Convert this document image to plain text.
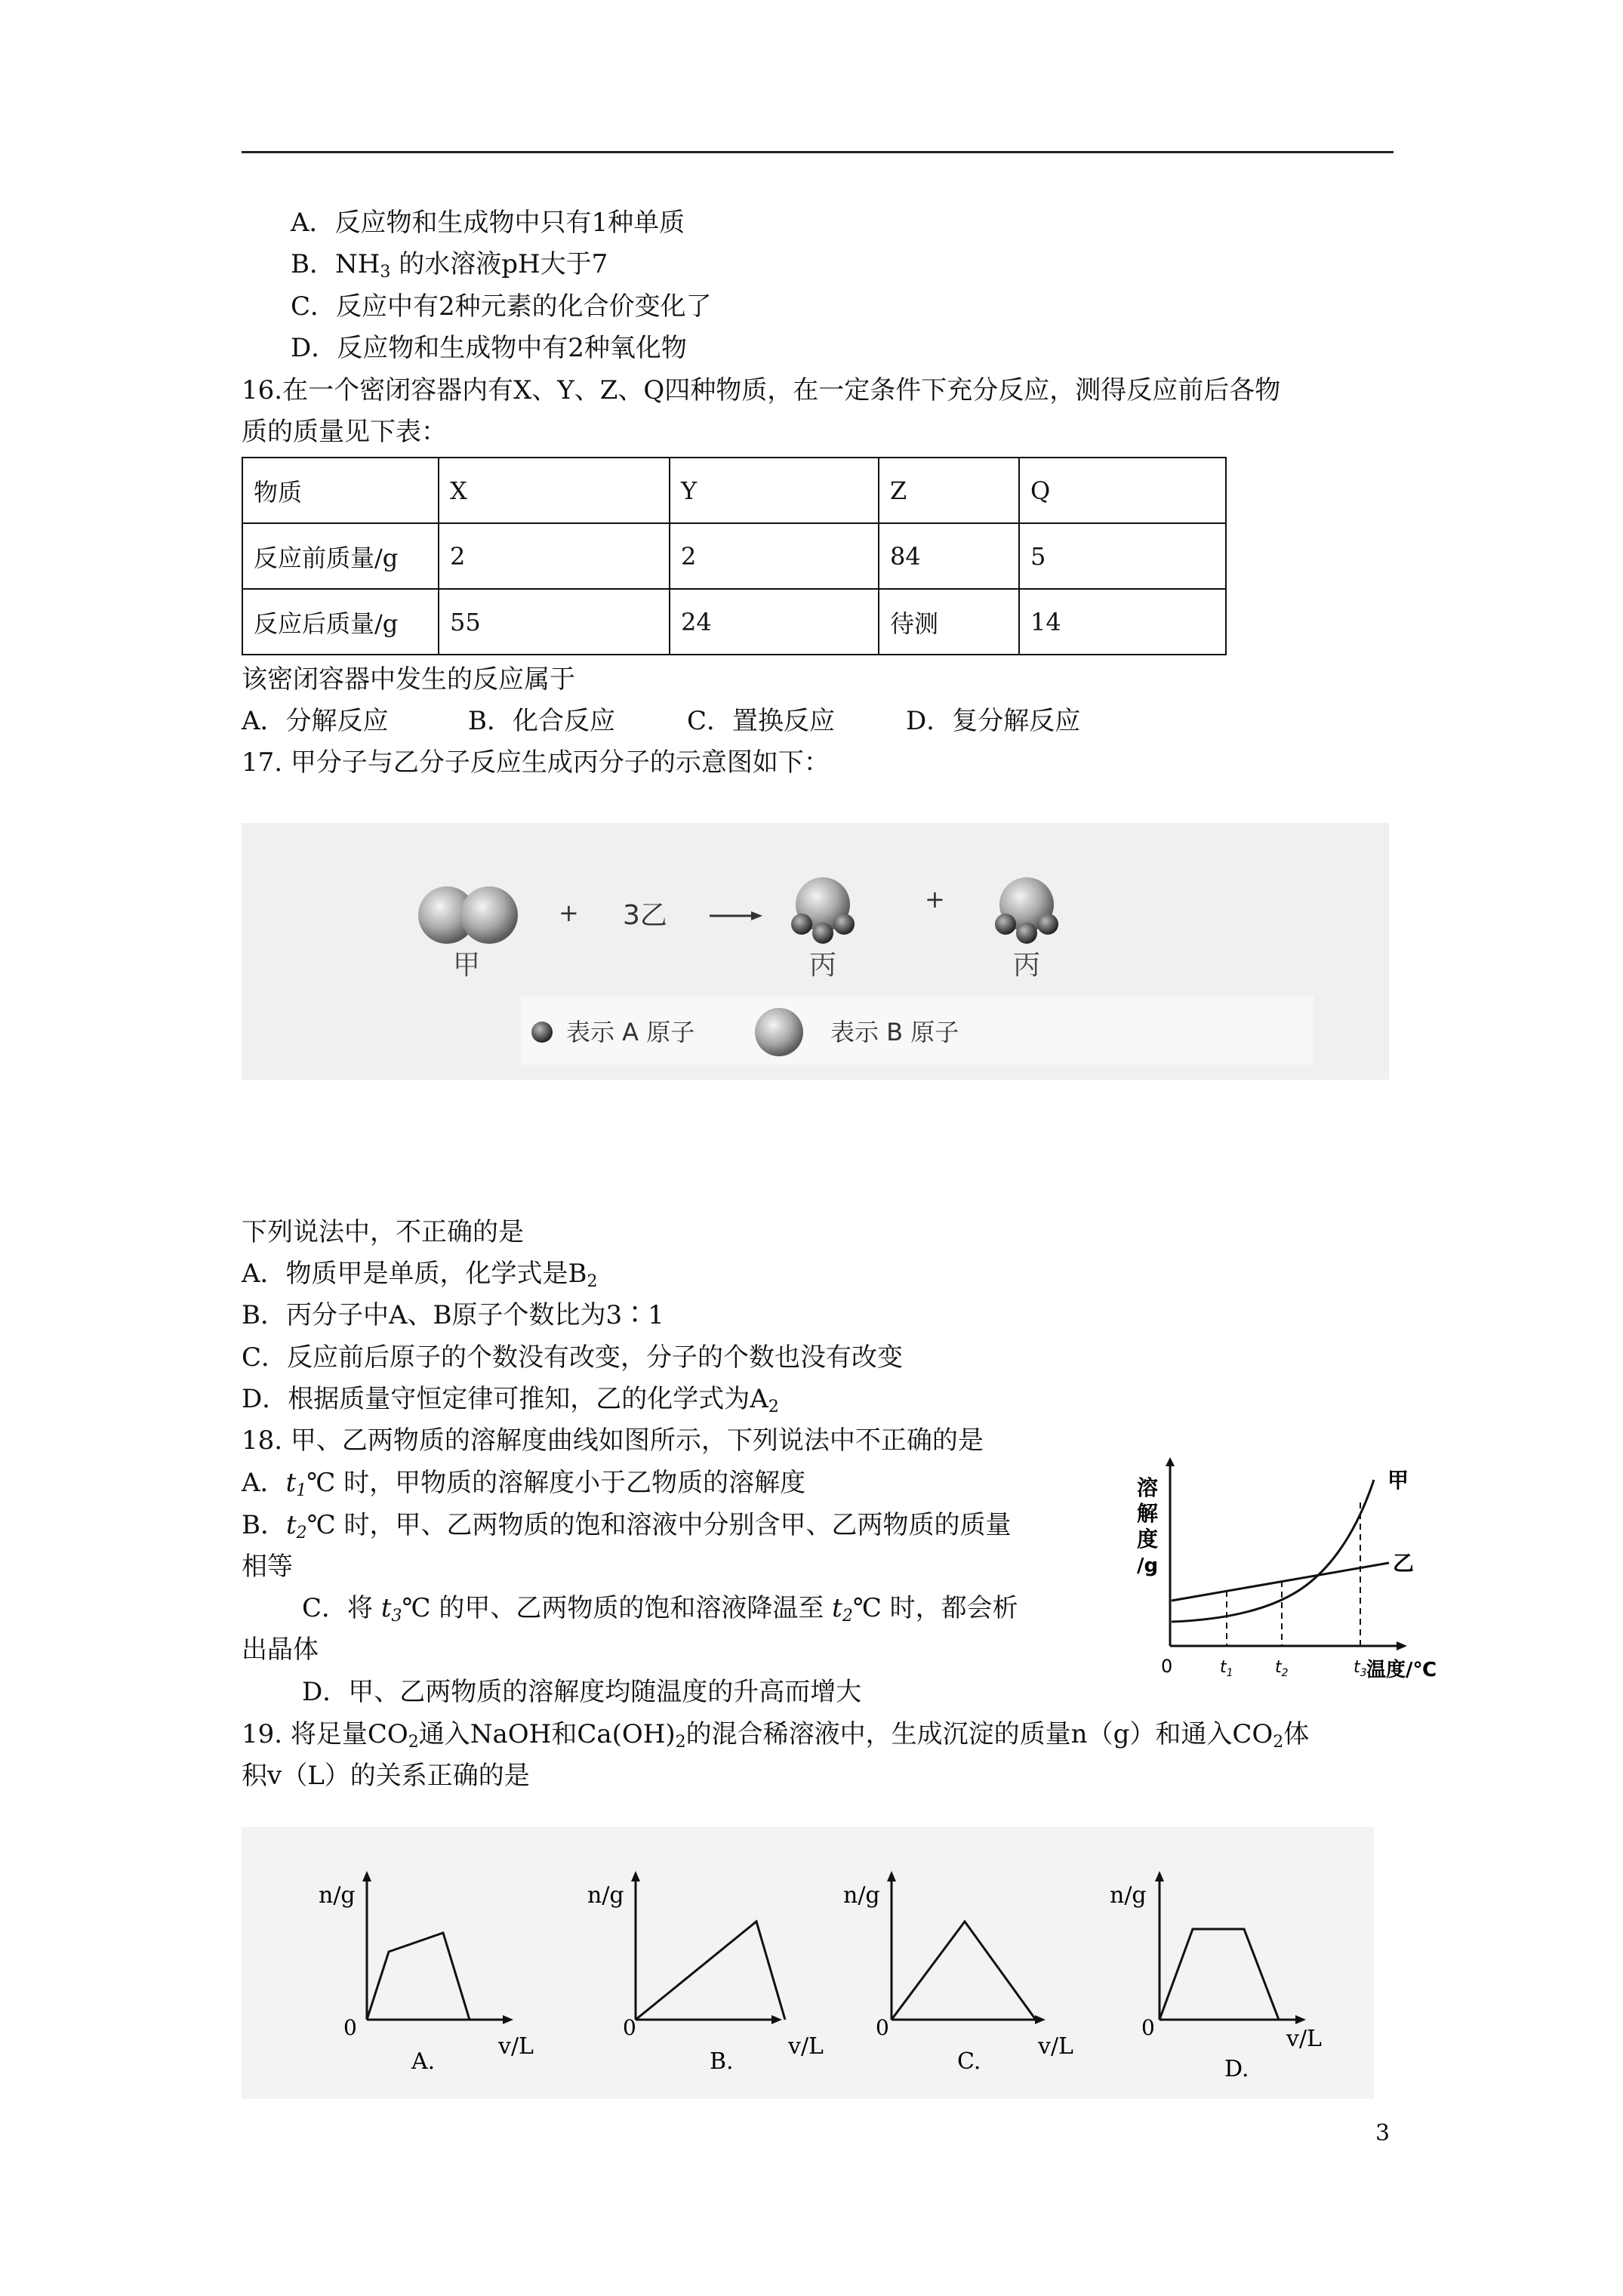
A．反应物和生成物中只有1种单质
B．$NH_3$ 的水溶液pH大于7
C．反应中有2种元素的化合价变化了
D．反应物和生成物中有2种氧化物
16.在一个密闭容器内有X、Y、Z、Q四种物质，在一定条件下充分反应，测得反应前后各物
质的质量见下表：
物质	X	Y	Z	Q
反应前质量/g	2	2	84	5
反应后质量/g	55	24	待测	14
该密闭容器中发生的反应属于
A．分解反应	B．化合反应	C．置换反应	D．复分解反应
17. 甲分子与乙分子反应生成丙分子的示意图如下：
+ 3乙
+
甲	丙	丙
表示 A 原子	表示 B 原子
下列说法中，不正确的是
A．物质甲是单质，化学式是$B_2$
B．丙分子中A、B原子个数比为3∶1
C．反应前后原子的个数没有改变，分子的个数也没有改变
D．根据质量守恒定律可推知，乙的化学式为$A_2$
18. 甲、乙两物质的溶解度曲线如图所示，下列说法中不正确的是
A．$t_1℃$ 时，甲物质的溶解度小于乙物质的溶解度
B．$t_2℃$ 时，甲、乙两物质的饱和溶液中分别含甲、乙两物质的质量
相等
C．将 $t_3℃$ 的甲、乙两物质的饱和溶液降温至 $t_2℃$ 时，都会析
出晶体
D．甲、乙两物质的溶解度均随温度的升高而增大
溶
解
度
/g
甲
乙
0	$t_1$	$t_2$	$t_3$ 温度/℃
19. 将足量$CO_2$通入NaOH和$Ca(OH)_2$的混合稀溶液中，生成沉淀的质量n（g）和通入$CO_2$体
积v（L）的关系正确的是
n/g
0
v/L
A.
n/g
0
v/L
B.
n/g
0
v/L
C.
n/g
0	v/L
D.
3
